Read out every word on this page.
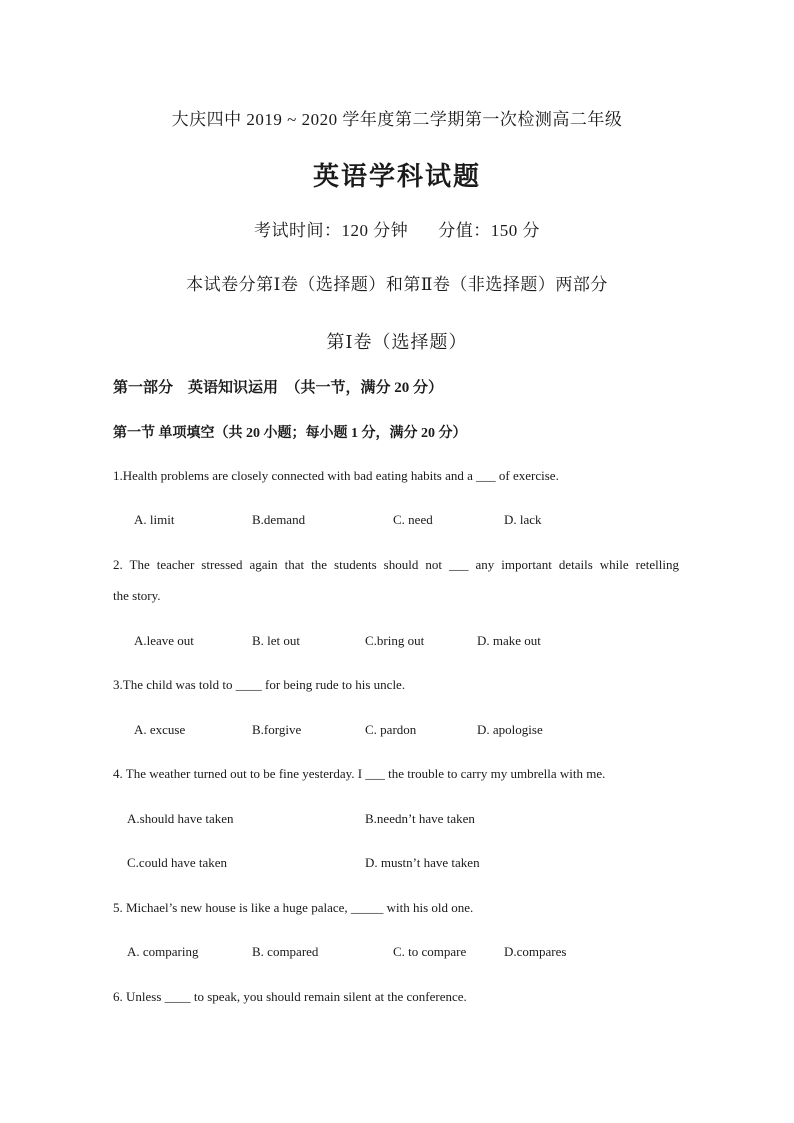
大庆四中 2019 ~ 2020 学年度第二学期第一次检测高二年级
英语学科试题
考试时间：120 分钟 分值：150 分
本试卷分第Ⅰ卷（选择题）和第Ⅱ卷（非选择题）两部分
第Ⅰ卷（选择题）
第一部分　英语知识运用　（共一节，满分 20 分）
第一节 单项填空（共 20 小题；每小题 1 分，满分 20 分）
1.Health problems are closely connected with bad eating habits and a ___ of exercise.
A. limit	B.demand	C. need	D. lack
2. The teacher stressed again that the students should not ___ any important details while retelling
the story.
A.leave out	B. let out	C.bring out	D. make out
3.The child was told to ____ for being rude to his uncle.
A. excuse	B.forgive	C. pardon	D. apologise
4. The weather turned out to be fine yesterday. I ___ the trouble to carry my umbrella with me.
A.should have taken	B.needn’t have taken
C.could have taken	D. mustn’t have taken
5. Michael’s new house is like a huge palace, _____ with his old one.
A. comparing	B. compared	C. to compare	D.compares
6. Unless ____ to speak, you should remain silent at the conference.
